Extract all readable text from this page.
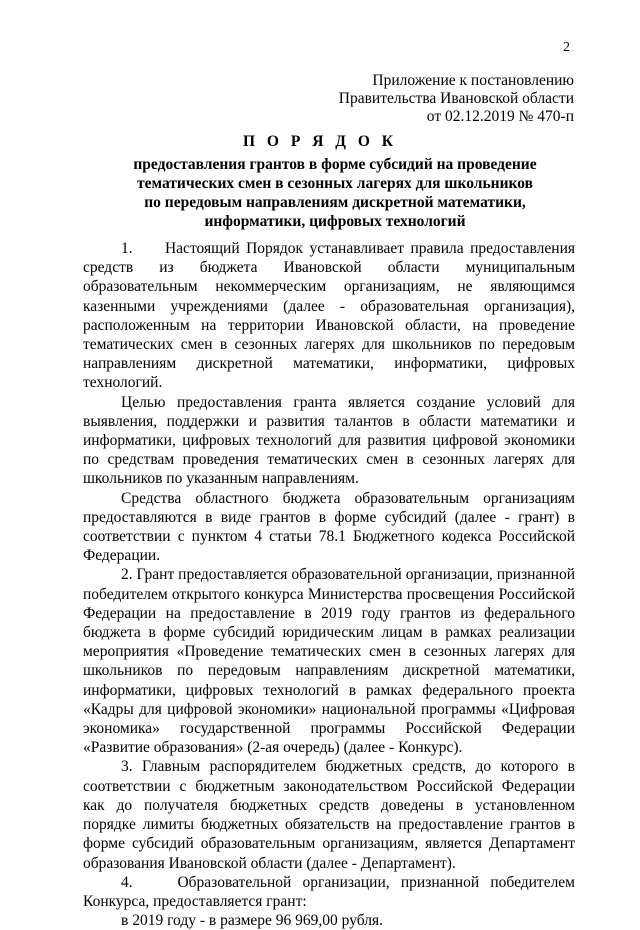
2
Приложение к постановлению
Правительства Ивановской области
от 02.12.2019 № 470-п
П О Р Я Д О К
предоставления грантов в форме субсидий на проведение
тематических смен в сезонных лагерях для школьников
по передовым направлениям дискретной математики,
информатики, цифровых технологий

1.     Настоящий Порядок устанавливает правила предоставления средств из бюджета Ивановской области муниципальным образовательным некоммерческим организациям, не являющимся казенными учреждениями (далее - образовательная организация), расположенным на территории Ивановской области, на проведение тематических смен в сезонных лагерях для школьников по передовым направлениям дискретной математики, информатики, цифровых технологий.

Целью предоставления гранта является создание условий для выявления, поддержки и развития талантов в области математики и информатики, цифровых технологий для развития цифровой экономики по средствам проведения тематических смен в сезонных лагерях для школьников по указанным направлениям.

Средства областного бюджета образовательным организациям предоставляются в виде грантов в форме субсидий (далее - грант) в соответствии с пунктом 4 статьи 78.1 Бюджетного кодекса Российской Федерации.

2. Грант предоставляется образовательной организации, признанной победителем открытого конкурса Министерства просвещения Российской Федерации на предоставление в 2019 году грантов из федерального бюджета в форме субсидий юридическим лицам в рамках реализации мероприятия «Проведение тематических смен в сезонных лагерях для школьников по передовым направлениям дискретной математики, информатики, цифровых технологий в рамках федерального проекта «Кадры для цифровой экономики» национальной программы «Цифровая экономика» государственной программы Российской Федерации «Развитие образования» (2-ая очередь) (далее - Конкурс).

3. Главным распорядителем бюджетных средств, до которого в соответствии с бюджетным законодательством Российской Федерации как до получателя бюджетных средств доведены в установленном порядке лимиты бюджетных обязательств на предоставление грантов в форме субсидий образовательным организациям, является Департамент образования Ивановской области (далее - Департамент).

4.    Образовательной организации, признанной победителем Конкурса, предоставляется грант:

в 2019 году - в размере 96 969,00 рубля.
